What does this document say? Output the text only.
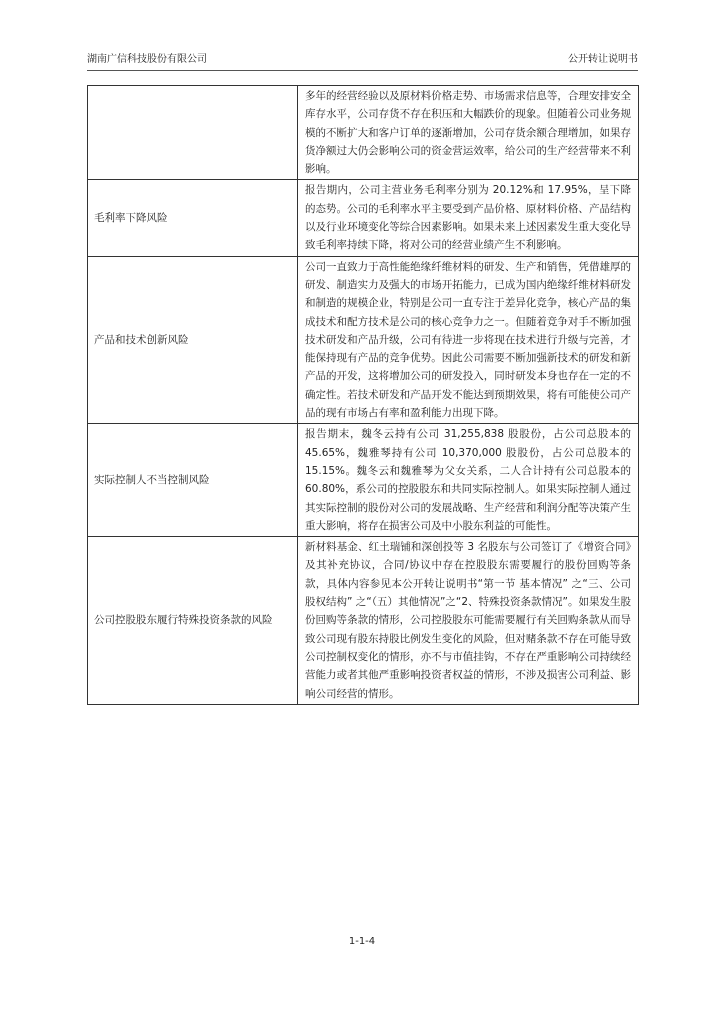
湖南广信科技股份有限公司	公开转让说明书

	多年的经营经验以及原材料价格走势、市场需求信息等，合理安排安全库存水平，公司存货不存在积压和大幅跌价的现象。但随着公司业务规模的不断扩大和客户订单的逐渐增加，公司存货余额合理增加，如果存货净额过大仍会影响公司的资金营运效率，给公司的生产经营带来不利影响。

毛利率下降风险	报告期内，公司主营业务毛利率分别为 20.12%和 17.95%，呈下降的态势。公司的毛利率水平主要受到产品价格、原材料价格、产品结构以及行业环境变化等综合因素影响。如果未来上述因素发生重大变化导致毛利率持续下降，将对公司的经营业绩产生不利影响。

产品和技术创新风险	公司一直致力于高性能绝缘纤维材料的研发、生产和销售，凭借雄厚的研发、制造实力及强大的市场开拓能力，已成为国内绝缘纤维材料研发和制造的规模企业，特别是公司一直专注于差异化竞争，核心产品的集成技术和配方技术是公司的核心竞争力之一。但随着竞争对手不断加强技术研发和产品升级，公司有待进一步将现在技术进行升级与完善，才能保持现有产品的竞争优势。因此公司需要不断加强新技术的研发和新产品的开发，这将增加公司的研发投入，同时研发本身也存在一定的不确定性。若技术研发和产品开发不能达到预期效果，将有可能使公司产品的现有市场占有率和盈利能力出现下降。

实际控制人不当控制风险	报告期末，魏冬云持有公司 31,255,838 股股份，占公司总股本的 45.65%，魏雅琴持有公司 10,370,000 股股份，占公司总股本的 15.15%。魏冬云和魏雅琴为父女关系，二人合计持有公司总股本的 60.80%，系公司的控股股东和共同实际控制人。如果实际控制人通过其实际控制的股份对公司的发展战略、生产经营和利润分配等决策产生重大影响，将存在损害公司及中小股东利益的可能性。

公司控股股东履行特殊投资条款的风险	新材料基金、红土瑞铺和深创投等 3 名股东与公司签订了《增资合同》及其补充协议，合同/协议中存在控股股东需要履行的股份回购等条款，具体内容参见本公开转让说明书“第一节 基本情况” 之“三、公司股权结构” 之“（五）其他情况”之“2、特殊投资条款情况”。如果发生股份回购等条款的情形，公司控股股东可能需要履行有关回购条款从而导致公司现有股东持股比例发生变化的风险，但对赌条款不存在可能导致公司控制权变化的情形，亦不与市值挂钩，不存在严重影响公司持续经营能力或者其他严重影响投资者权益的情形，不涉及损害公司利益、影响公司经营的情形。

1-1-4
